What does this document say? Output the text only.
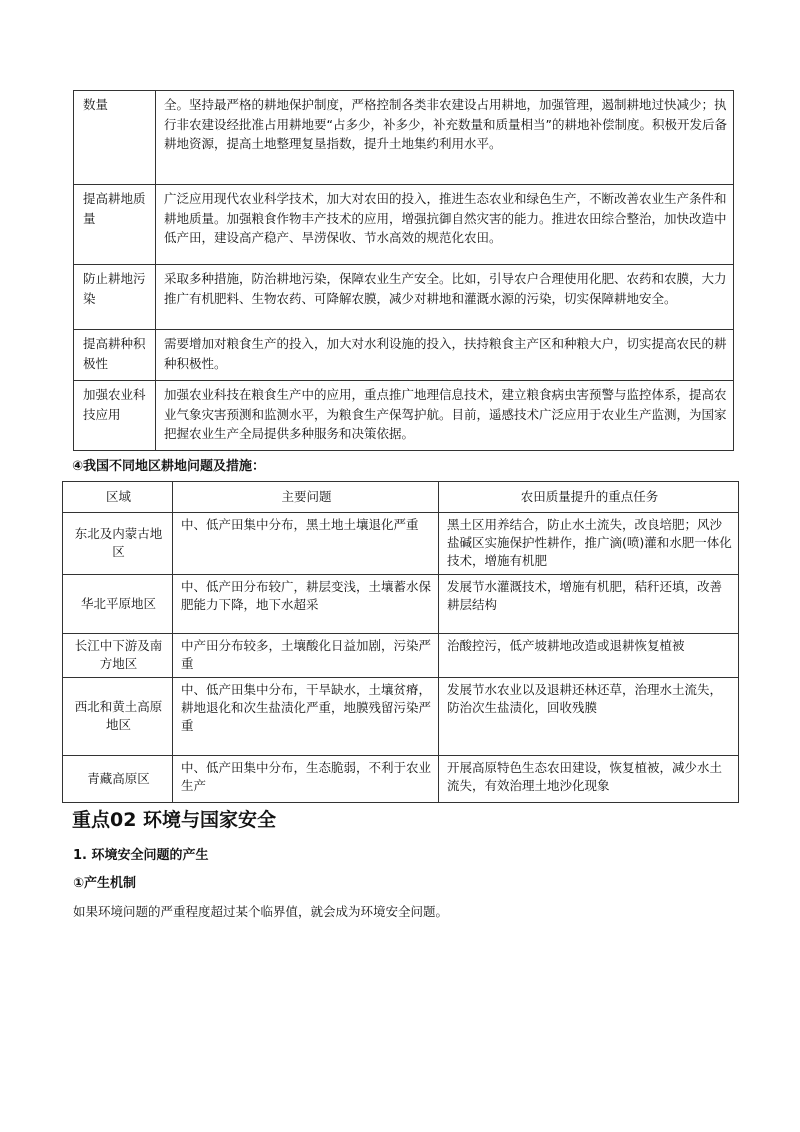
数量	全。坚持最严格的耕地保护制度，严格控制各类非农建设占用耕地，加强管理，遏制耕地过快减少；执行非农建设经批准占用耕地要“占多少，补多少，补充数量和质量相当”的耕地补偿制度。积极开发后备耕地资源，提高土地整理复垦指数，提升土地集约利用水平。
提高耕地质量	广泛应用现代农业科学技术，加大对农田的投入，推进生态农业和绿色生产，不断改善农业生产条件和耕地质量。加强粮食作物丰产技术的应用，增强抗御自然灾害的能力。推进农田综合整治，加快改造中低产田，建设高产稳产、旱涝保收、节水高效的规范化农田。
防止耕地污染	采取多种措施，防治耕地污染，保障农业生产安全。比如，引导农户合理使用化肥、农药和农膜，大力推广有机肥料、生物农药、可降解农膜，减少对耕地和灌溉水源的污染，切实保障耕地安全。
提高耕种积极性	需要增加对粮食生产的投入，加大对水利设施的投入，扶持粮食主产区和种粮大户，切实提高农民的耕种积极性。
加强农业科技应用	加强农业科技在粮食生产中的应用，重点推广地理信息技术，建立粮食病虫害预警与监控体系，提高农业气象灾害预测和监测水平，为粮食生产保驾护航。目前，遥感技术广泛应用于农业生产监测，为国家把握农业生产全局提供多种服务和决策依据。
④我国不同地区耕地问题及措施：
区域	主要问题	农田质量提升的重点任务
东北及内蒙古地区	中、低产田集中分布，黑土地土壤退化严重	黑土区用养结合，防止水土流失，改良培肥；风沙盐碱区实施保护性耕作，推广滴(喷)灌和水肥一体化技术，增施有机肥
华北平原地区	中、低产田分布较广，耕层变浅，土壤蓄水保肥能力下降，地下水超采	发展节水灌溉技术，增施有机肥，秸秆还填，改善耕层结构
长江中下游及南方地区	中产田分布较多，土壤酸化日益加剧，污染严重	治酸控污，低产坡耕地改造或退耕恢复植被
西北和黄土高原地区	中、低产田集中分布，干旱缺水，土壤贫瘠，耕地退化和次生盐渍化严重，地膜残留污染严重	发展节水农业以及退耕还林还草，治理水土流失，防治次生盐渍化，回收残膜
青藏高原区	中、低产田集中分布，生态脆弱，不利于农业生产	开展高原特色生态农田建设，恢复植被，减少水土流失，有效治理土地沙化现象
重点02 环境与国家安全
1. 环境安全问题的产生
①产生机制
如果环境问题的严重程度超过某个临界值，就会成为环境安全问题。
